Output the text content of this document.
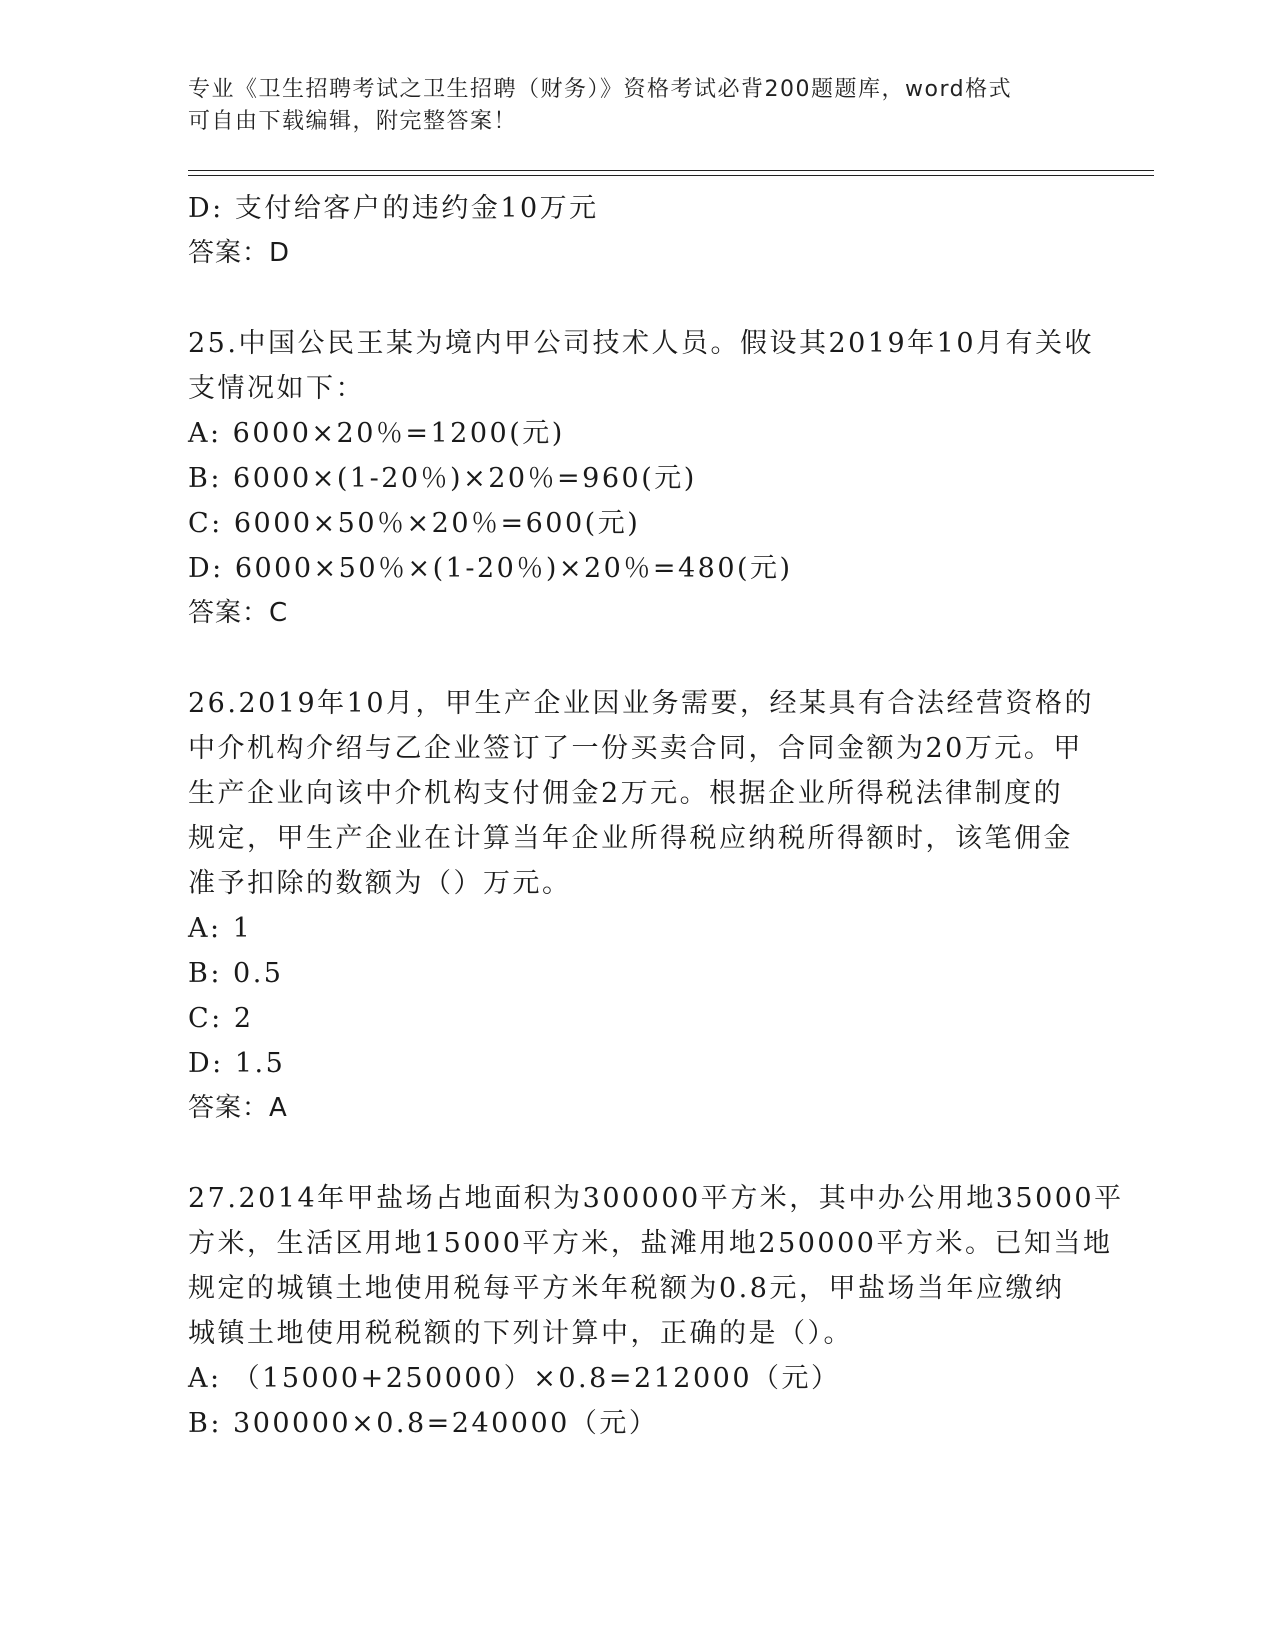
专业《卫生招聘考试之卫生招聘（财务）》资格考试必背200题题库，word格式
可自由下载编辑，附完整答案！
D: 支付给客户的违约金10万元
答案：D
25.中国公民王某为境内甲公司技术人员。假设其2019年10月有关收
支情况如下：
A: 6000×20％=1200(元)
B: 6000×(1-20％)×20％=960(元)
C: 6000×50％×20％=600(元)
D: 6000×50％×(1-20％)×20％=480(元)
答案：C
26.2019年10月，甲生产企业因业务需要，经某具有合法经营资格的
中介机构介绍与乙企业签订了一份买卖合同，合同金额为20万元。甲
生产企业向该中介机构支付佣金2万元。根据企业所得税法律制度的
规定，甲生产企业在计算当年企业所得税应纳税所得额时，该笔佣金
准予扣除的数额为（）万元。
A: 1
B: 0.5
C: 2
D: 1.5
答案：A
27.2014年甲盐场占地面积为300000平方米，其中办公用地35000平
方米，生活区用地15000平方米，盐滩用地250000平方米。已知当地
规定的城镇土地使用税每平方米年税额为0.8元，甲盐场当年应缴纳
城镇土地使用税税额的下列计算中，正确的是（）。
A: （15000+250000）×0.8=212000（元）
B: 300000×0.8=240000（元）
